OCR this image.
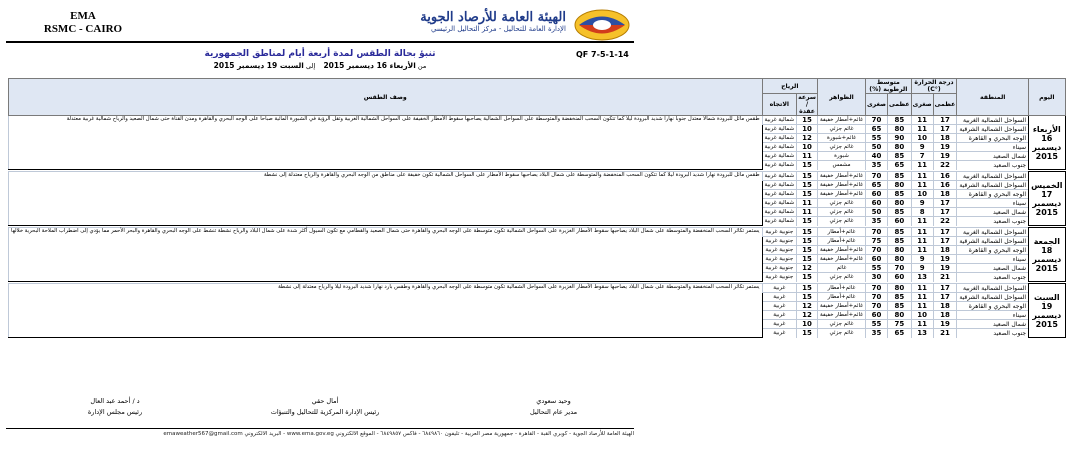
EMA
RSMC - CAIRO
الهيئة العامة للأرصاد الجوية
الإدارة العامة للتحاليل - مركز التحاليل الرئيسي
QF 7-5-1-14
تنبؤ بحالة الطقس لمدة أربعة أيام لمناطق الجمهورية
من الأربعاء 16 ديسمبر 2015    إلى السبت 19 ديسمبر 2015
اليوم	المنطقة	درجة الحرارة (°C)		متوسط الرطوبة (%)		الظواهر	الرياح		وصف الطقس
		عظمى	صغرى	عظمى	صغرى		سرعة / عقدة	الاتجاه	
الأربعاء 16 ديسمبر 2015	السواحل الشمالية الغربية	17	11	85	70	غائم+أمطار خفيفة	15	شمالية غربية	طقس مائل للبرودة شمالا معتدل جنوبا نهارا شديد البرودة ليلا كما تتكون السحب المنخفضة والمتوسطة على السواحل الشمالية يصاحبها سقوط الأمطار الخفيفة على السواحل الشمالية الغربية وتقل الرؤية في الشبورة المائية صباحا على الوجه البحري والقاهرة ومدن القناة حتى شمال الصعيد والرياح شمالية غربية معتدلة
	السواحل الشمالية الشرقية	17	11	80	65	غائم جزئي	10	شمالية غربية	
	الوجه البحري و القاهرة	18	10	90	55	غائم+شبورة	12	شمالية غربية	
	سيناء	19	9	80	50	غائم جزئي	10	شمالية غربية	
	شمال الصعيد	19	7	85	40	شبورة	11	شمالية غربية	
	جنوب الصعيد	22	11	65	35	مشمس	15	شمالية غربية	

الخميس 17 ديسمبر 2015	السواحل الشمالية الغربية	16	11	85	70	غائم+أمطار خفيفة	15	شمالية غربية	طقس مائل للبرودة نهارا شديد البرودة ليلا كما تتكون السحب المنخفضة والمتوسطة على شمال البلاد يصاحبها سقوط الأمطار على السواحل الشمالية تكون خفيفة على مناطق من الوجه البحري والقاهرة والرياح معتدلة إلى نشطة
	السواحل الشمالية الشرقية	16	11	80	65	غائم+أمطار خفيفة	15	شمالية غربية	
	الوجه البحري و القاهرة	18	10	85	60	غائم+أمطار خفيفة	15	شمالية غربية	
	سيناء	17	9	80	60	غائم جزئي	11	شمالية غربية	
	شمال الصعيد	17	8	85	50	غائم جزئي	11	شمالية غربية	
	جنوب الصعيد	22	11	60	35	غائم جزئي	15	شمالية غربية	

الجمعة 18 ديسمبر 2015	السواحل الشمالية الغربية	17	11	85	70	غائم+أمطار	15	جنوبية غربية	يستمر تكاثر السحب المنخفضة والمتوسطة على شمال البلاد يصاحبها سقوط الأمطار الغزيرة على السواحل الشمالية تكون متوسطة على الوجه البحري والقاهرة حتى شمال الصعيد والقطامي مع تكون السيول أكثر شدة على شمال البلاد والرياح نشطة تنشط على الوجه البحري والقاهرة والبحر الأحمر مما يؤدي إلى اضطراب الملاحة البحرية خلالها
	السواحل الشمالية الشرقية	17	11	85	75	غائم+أمطار	15	جنوبية غربية	
	الوجه البحري و القاهرة	18	11	80	70	غائم+أمطار خفيفة	15	جنوبية غربية	
	سيناء	19	9	80	60	غائم+أمطار خفيفة	15	جنوبية غربية	
	شمال الصعيد	19	9	70	55	غائم	12	جنوبية غربية	
	جنوب الصعيد	21	13	60	30	غائم جزئي	15	جنوبية غربية	

السبت 19 ديسمبر 2015	السواحل الشمالية الغربية	17	11	80	70	غائم+أمطار	15	غربية	يستمر تكاثر السحب المنخفضة والمتوسطة على شمال البلاد يصاحبها سقوط الأمطار الغزيرة على السواحل الشمالية تكون متوسطة على الوجه البحري والقاهرة وطقس بارد نهارا شديد البرودة ليلا والرياح معتدلة إلى نشطة
	السواحل الشمالية الشرقية	17	11	85	70	غائم+أمطار	15	غربية	
	الوجه البحري و القاهرة	18	11	85	70	غائم+أمطار خفيفة	12	غربية	
	سيناء	18	10	80	60	غائم+أمطار خفيفة	12	غربية	
	شمال الصعيد	19	11	75	55	غائم جزئي	10	غربية	
	جنوب الصعيد	21	13	65	35	غائم جزئي	15	غربية	
وحيد سعودي
مدير عام التحاليل
أمال حقي
رئيس الإدارة المركزية للتحاليل والتنبؤات
د / أحمد عبد العال
رئيس مجلس الإدارة
الهيئة العامة للأرصاد الجوية - كوبري القبة - القاهرة - جمهورية مصر العربية - تليفون ٦٨٤٩٨٦٠ - فاكس ٦٨٤٩٨٥٧ - الموقع الالكتروني www.ema.gov.eg - البريد الالكتروني emaweather567@gmail.com
